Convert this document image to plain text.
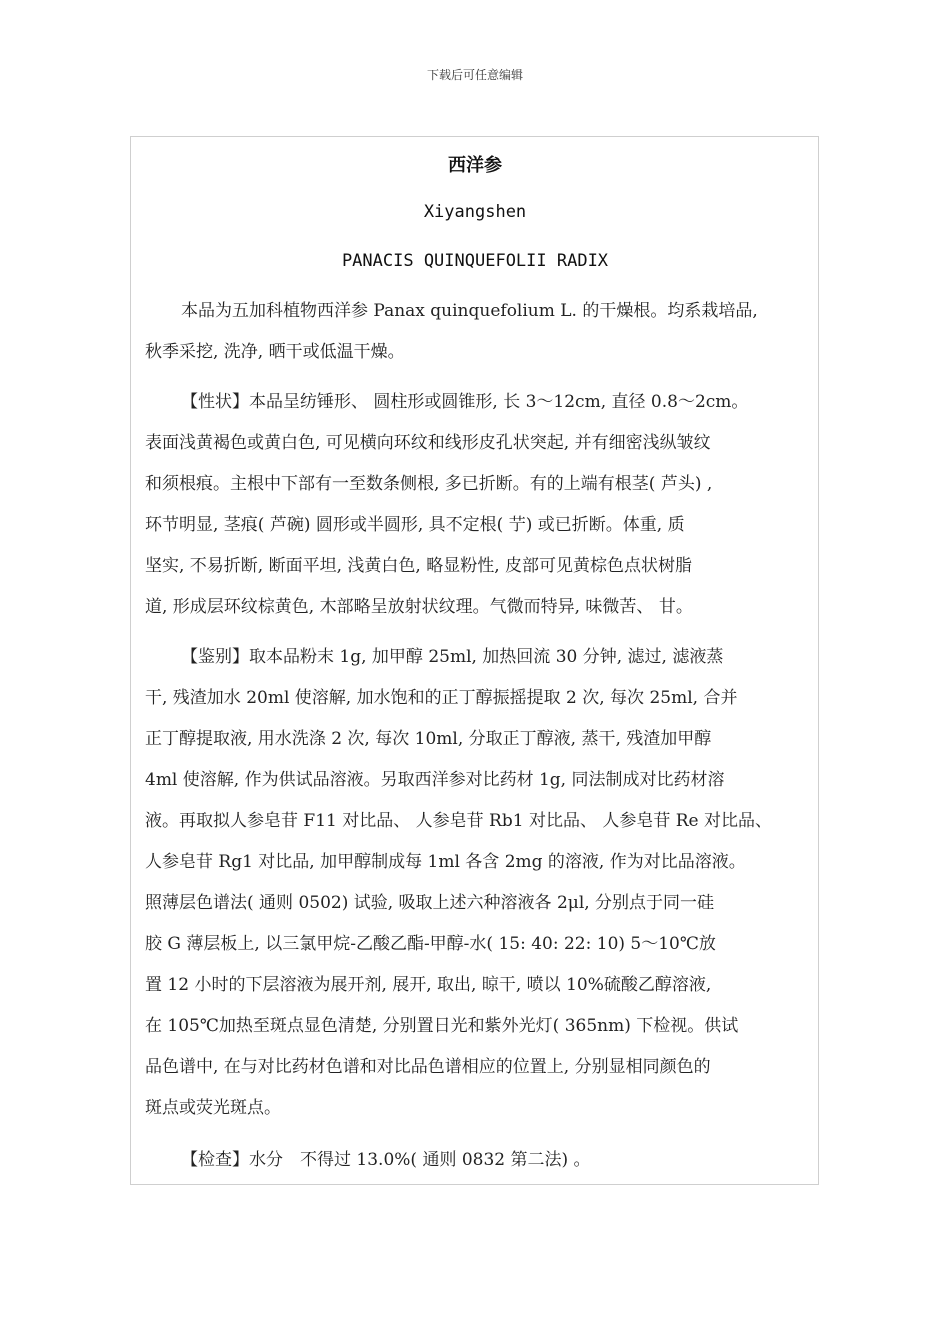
下载后可任意编辑
西洋参
Xiyangshen
PANACIS QUINQUEFOLII RADIX
本品为五加科植物西洋参 Panax quinquefolium L. 的干燥根。均系栽培品,
秋季采挖, 洗净, 晒干或低温干燥。
【性状】本品呈纺锤形、 圆柱形或圆锥形, 长 3～12cm, 直径 0.8～2cm。
表面浅黄褐色或黄白色, 可见横向环纹和线形皮孔状突起, 并有细密浅纵皱纹
和须根痕。主根中下部有一至数条侧根, 多已折断。有的上端有根茎( 芦头) ,
环节明显, 茎痕( 芦碗) 圆形或半圆形, 具不定根( 艼) 或已折断。体重, 质
坚实, 不易折断, 断面平坦, 浅黄白色, 略显粉性, 皮部可见黄棕色点状树脂
道, 形成层环纹棕黄色, 木部略呈放射状纹理。气微而特异, 味微苦、 甘。
【鉴别】取本品粉末 1g, 加甲醇 25ml, 加热回流 30 分钟, 滤过, 滤液蒸
干, 残渣加水 20ml 使溶解, 加水饱和的正丁醇振摇提取 2 次, 每次 25ml, 合并
正丁醇提取液, 用水洗涤 2 次, 每次 10ml, 分取正丁醇液, 蒸干, 残渣加甲醇
4ml 使溶解, 作为供试品溶液。另取西洋参对比药材 1g, 同法制成对比药材溶
液。再取拟人参皂苷 F11 对比品、 人参皂苷 Rb1 对比品、 人参皂苷 Re 对比品、
人参皂苷 Rg1 对比品, 加甲醇制成每 1ml 各含 2mg 的溶液, 作为对比品溶液。
照薄层色谱法( 通则 0502) 试验, 吸取上述六种溶液各 2μl, 分别点于同一硅
胶 G 薄层板上, 以三氯甲烷-乙酸乙酯-甲醇-水( 15: 40: 22: 10) 5～10℃放
置 12 小时的下层溶液为展开剂, 展开, 取出, 晾干, 喷以 10%硫酸乙醇溶液,
在 105℃加热至斑点显色清楚, 分别置日光和紫外光灯( 365nm) 下检视。供试
品色谱中, 在与对比药材色谱和对比品色谱相应的位置上, 分别显相同颜色的
斑点或荧光斑点。
【检查】水分　不得过 13.0%( 通则 0832 第二法) 。
